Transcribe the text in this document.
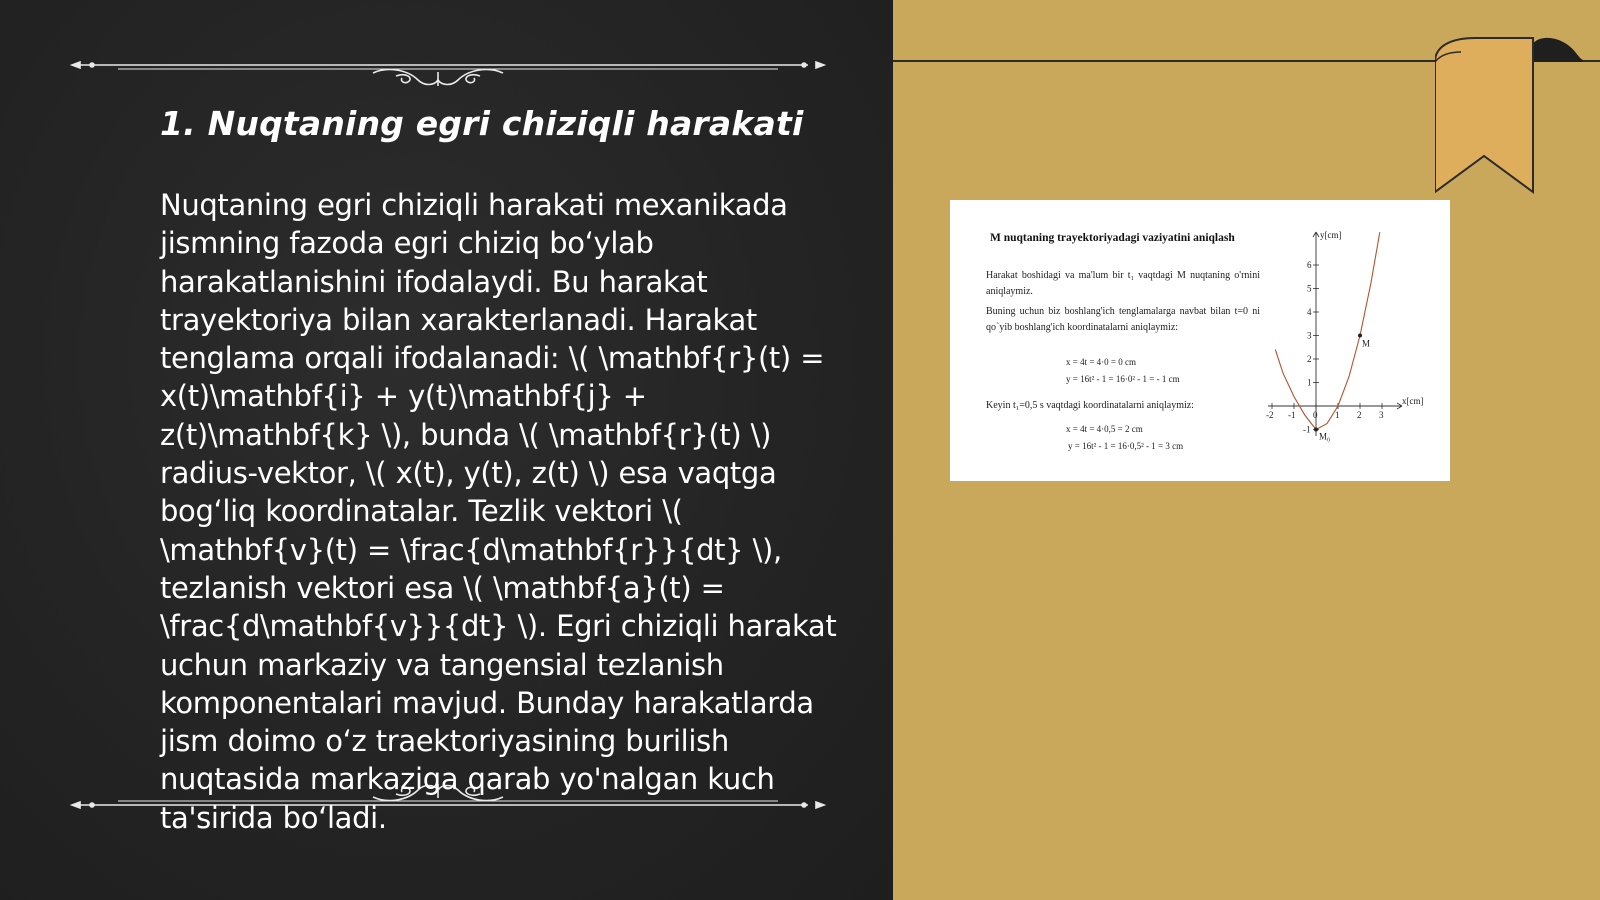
1. Nuqtaning egri chiziqli harakati

Nuqtaning egri chiziqli harakati mexanikada jismning fazoda egri chiziq bo‘ylab harakatlanishini ifodalaydi. Bu harakat trayektoriya bilan xarakterlanadi. Harakat tenglama orqali ifodalanadi: \( \mathbf{r}(t) = x(t)\mathbf{i} + y(t)\mathbf{j} + z(t)\mathbf{k} \), bunda \( \mathbf{r}(t) \) radius-vektor, \( x(t), y(t), z(t) \) esa vaqtga bog‘liq koordinatalar. Tezlik vektori \( \mathbf{v}(t) = \frac{d\mathbf{r}}{dt} \), tezlanish vektori esa \( \mathbf{a}(t) = \frac{d\mathbf{v}}{dt} \). Egri chiziqli harakat uchun markaziy va tangensial tezlanish komponentalari mavjud. Bunday harakatlarda jism doimo o‘z traektoriyasining burilish nuqtasida markaziga qarab yo'nalgan kuch ta'sirida bo‘ladi.

M nuqtaning trayektoriyadagi vaziyatini aniqlash
Harakat boshidagi va ma'lum bir t₁ vaqtdagi M nuqtaning o'rnini aniqlaymiz.
Buning uchun biz boshlang'ich tenglamalarga navbat bilan t=0 ni qo`yib boshlang'ich koordinatalarni aniqlaymiz:
x = 4t = 4·0 = 0 cm
y = 16t² - 1 = 16·0² - 1 = - 1 cm
Keyin t₁=0,5 s vaqtdagi koordinatalarni aniqlaymiz:
x = 4t = 4·0,5 = 2 cm
y = 16t² - 1 = 16·0,5² - 1 = 3 cm
-2 -1 0 1 2 3
6
5
4
3
2
1
-1
y[cm]
x[cm]
M
M₀
